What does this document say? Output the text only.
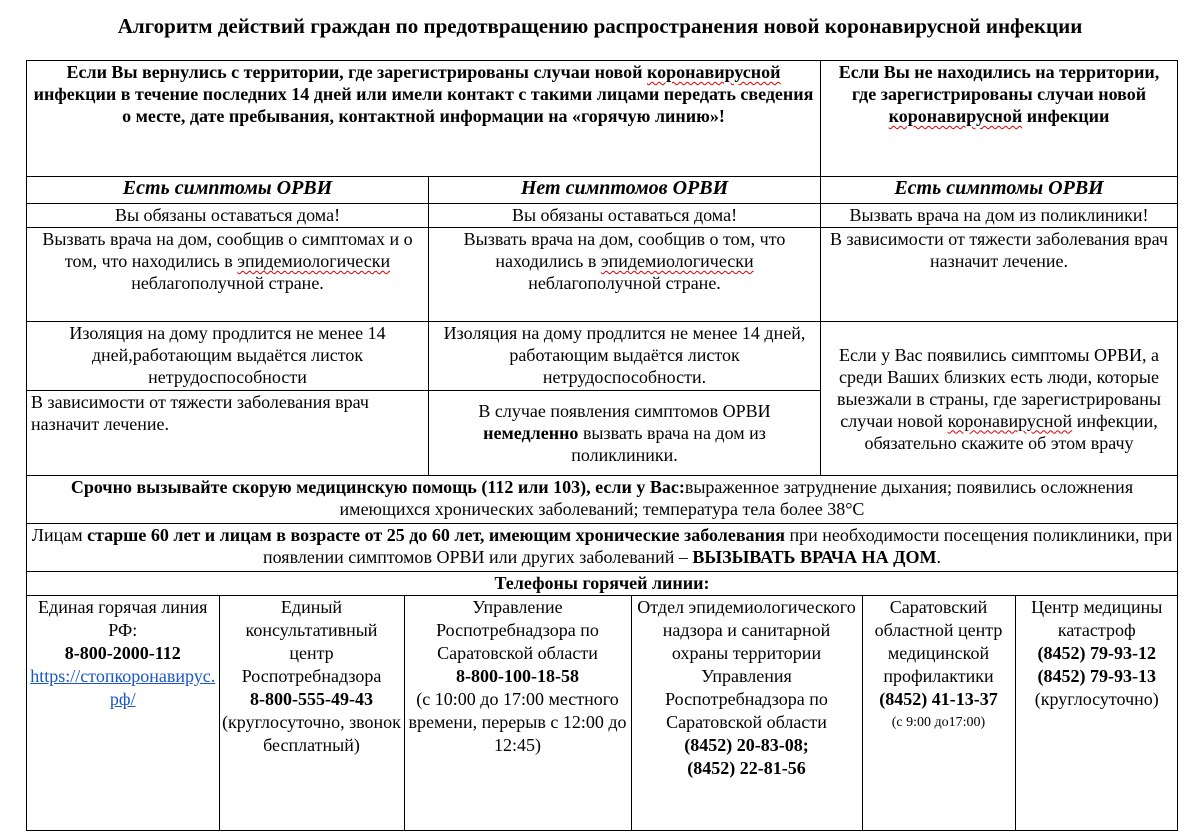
Алгоритм действий граждан по предотвращению распространения новой коронавирусной инфекции
Если Вы вернулись с территории, где зарегистрированы случаи новой коронавирусной инфекции в течение последних 14 дней или имели контакт с такими лицами передать сведения о месте, дате пребывания, контактной информации на «горячую линию»!	Если Вы не находились на территории, где зарегистрированы случаи новой коронавирусной инфекции
Есть симптомы ОРВИ	Нет симптомов ОРВИ	Есть симптомы ОРВИ
Вы обязаны оставаться дома!	Вы обязаны оставаться дома!	Вызвать врача на дом из поликлиники!
Вызвать врача на дом, сообщив о симптомах и о том, что находились в эпидемиологически неблагополучной стране.	Вызвать врача на дом, сообщив о том, что находились в эпидемиологически неблагополучной стране.	В зависимости от тяжести заболевания врач назначит лечение.
Изоляция на дому продлится не менее 14 дней,работающим выдаётся листок нетрудоспособности	Изоляция на дому продлится не менее 14 дней, работающим выдаётся листок нетрудоспособности.	Если у Вас появились симптомы ОРВИ, а среди Ваших близких есть люди, которые выезжали в страны, где зарегистрированы случаи новой коронавирусной инфекции, обязательно скажите об этом врачу
В зависимости от тяжести заболевания врач назначит лечение.	В случае появления симптомов ОРВИ немедленно вызвать врача на дом из поликлиники.
Срочно вызывайте скорую медицинскую помощь (112 или 103), если у Вас:выраженное затруднение дыхания; появились осложнения имеющихся хронических заболеваний; температура тела более 38°С
Лицам старше 60 лет и лицам в возрасте от 25 до 60 лет, имеющим хронические заболевания при необходимости посещения поликлиники, при появлении симптомов ОРВИ или других заболеваний – ВЫЗЫВАТЬ ВРАЧА НА ДОМ.
Телефоны горячей линии:

Единая горячая линия РФ:
8-800-2000-112
https://стопкоронавирус.рф/

Единый консультативный центр Роспотребнадзора
8-800-555-49-43
(круглосуточно, звонок бесплатный)

Управление Роспотребнадзора по Саратовской области
8-800-100-18-58
(с 10:00 до 17:00 местного времени, перерыв с 12:00 до 12:45)

Отдел эпидемиологического надзора и санитарной охраны территории Управления Роспотребнадзора по Саратовской области
(8452) 20-83-08;
(8452) 22-81-56

Саратовский областной центр медицинской профилактики
(8452) 41-13-37
(с 9:00 до17:00)

Центр медицины катастроф
(8452) 79-93-12
(8452) 79-93-13
(круглосуточно)
